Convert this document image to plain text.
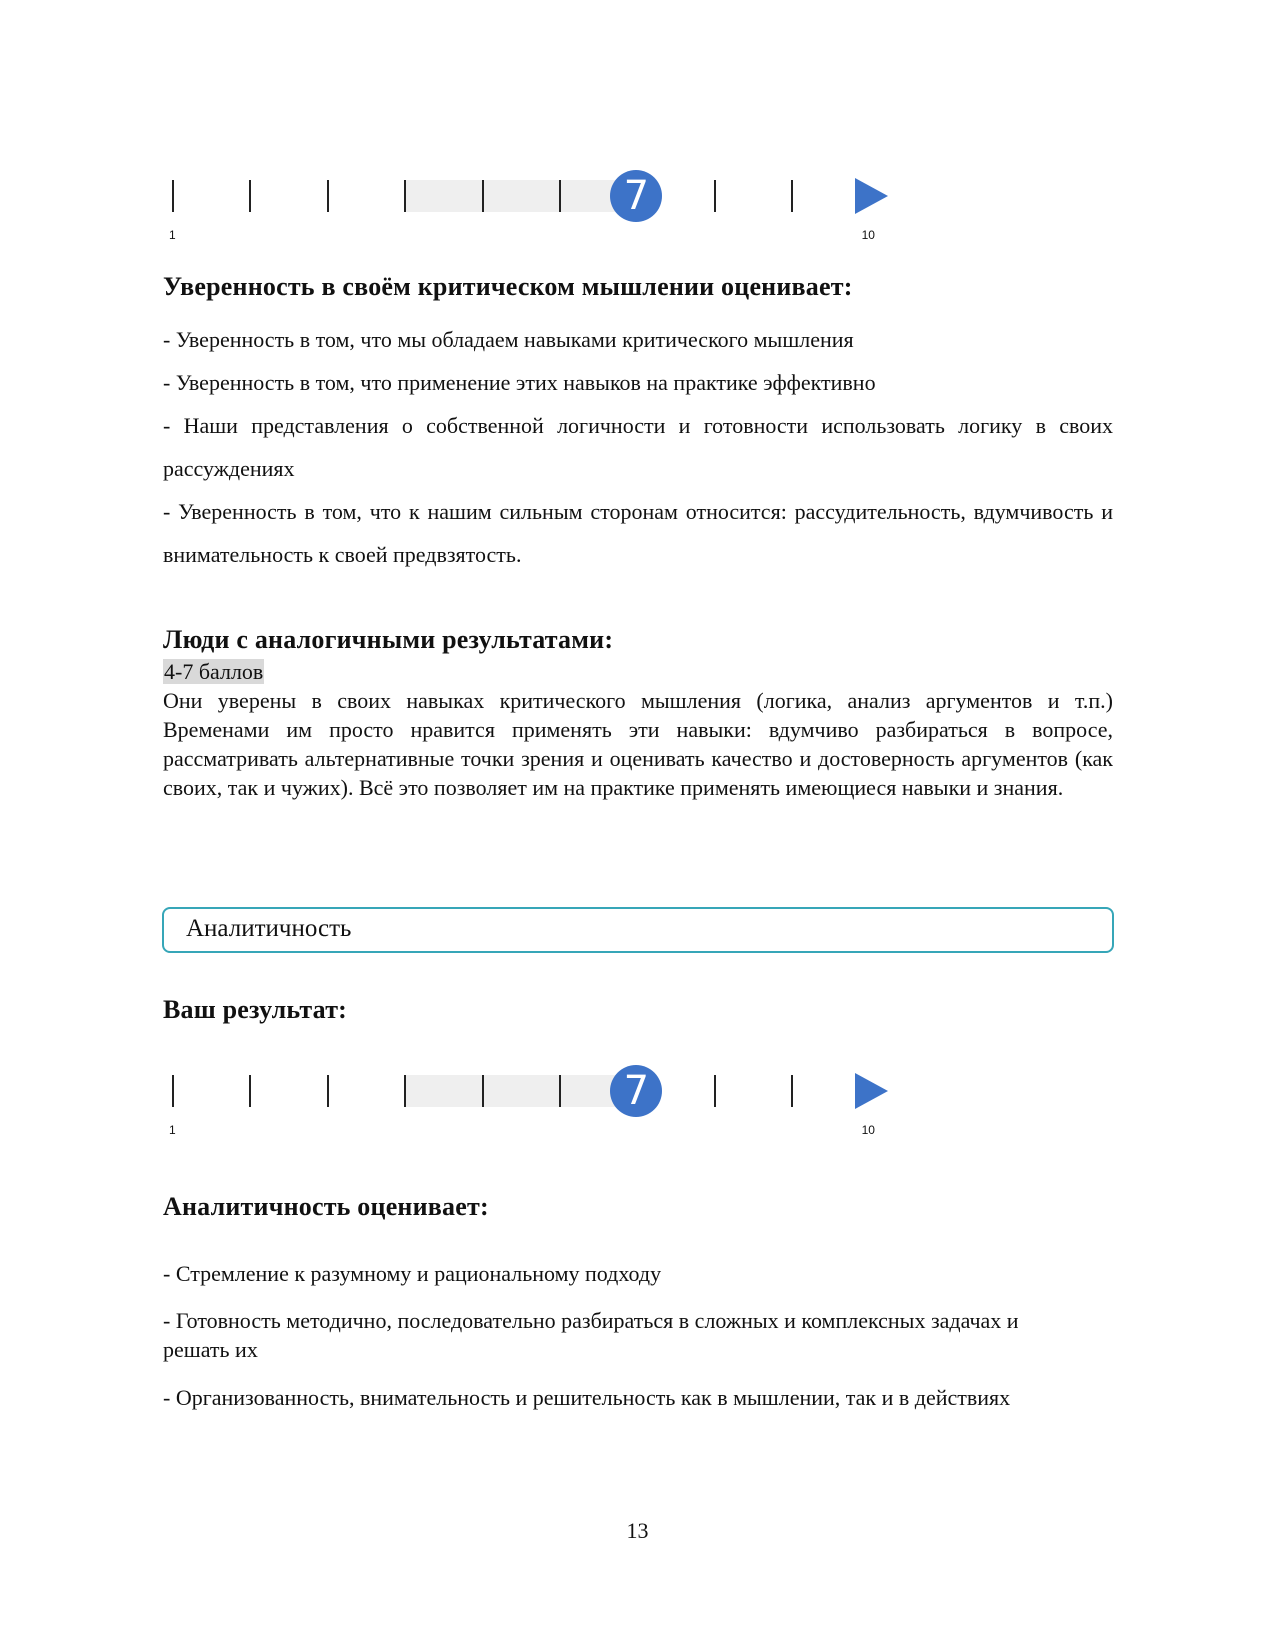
7
1	10
Уверенность в своём критическом мышлении оценивает:
- Уверенность в том, что мы обладаем навыками критического мышления
- Уверенность в том, что применение этих навыков на практике эффективно
- Наши представления о собственной логичности и готовности использовать логику в своих рассуждениях
- Уверенность в том, что к нашим сильным сторонам относится: рассудительность, вдумчивость и внимательность к своей предвзятость.
Люди с аналогичными результатами:
4-7 баллов
Они уверены в своих навыках критического мышления (логика, анализ аргументов и т.п.) Временами им просто нравится применять эти навыки: вдумчиво разбираться в вопросе, рассматривать альтернативные точки зрения и оценивать качество и достоверность аргументов (как своих, так и чужих). Всё это позволяет им на практике применять имеющиеся навыки и знания.
Аналитичность
Ваш результат:
7
1	10
Аналитичность оценивает:
- Стремление к разумному и рациональному подходу
- Готовность методично, последовательно разбираться в сложных и комплексных задачах и решать их
- Организованность, внимательность и решительность как в мышлении, так и в действиях
13
